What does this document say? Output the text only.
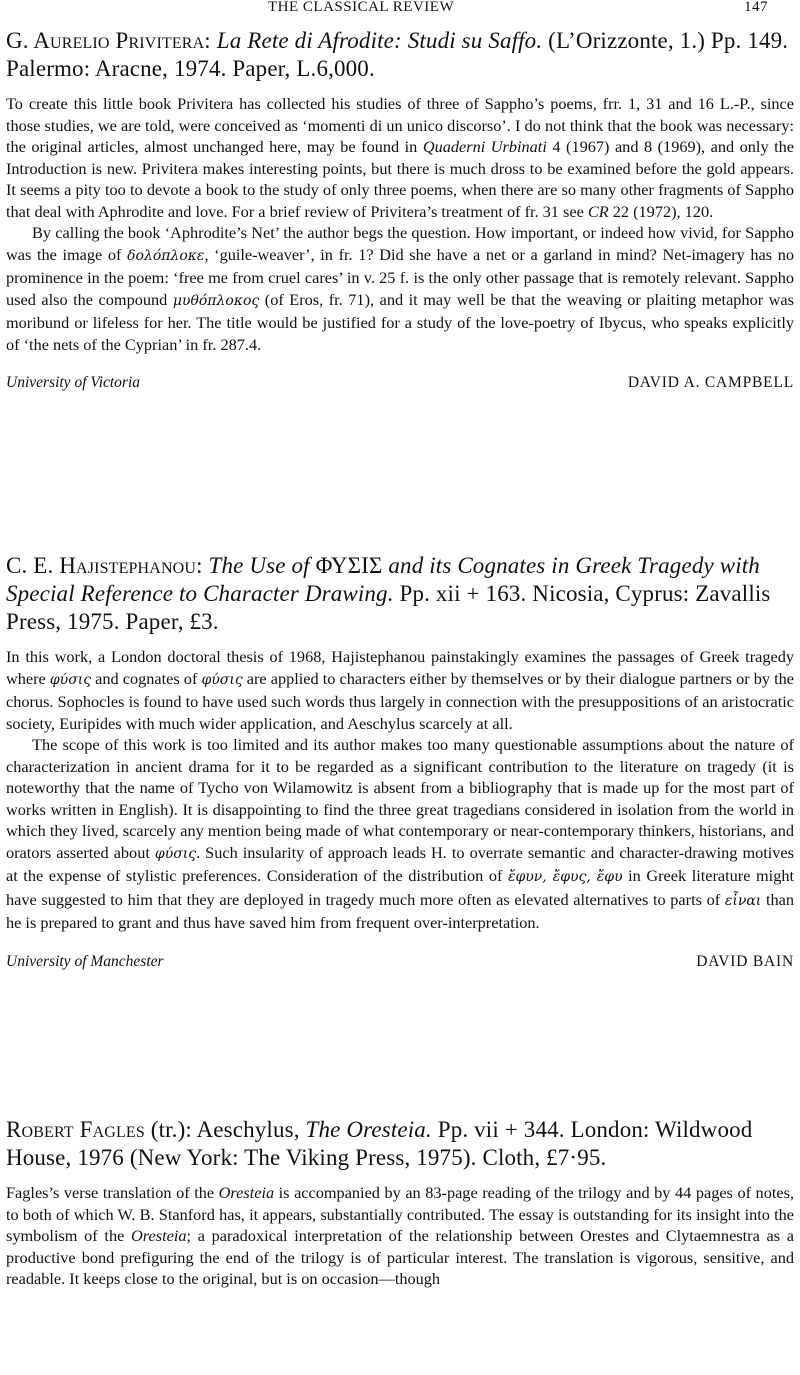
THE CLASSICAL REVIEW	147
G. Aurelio Privitera: La Rete di Afrodite: Studi su Saffo. (L’Orizzonte, 1.) Pp. 149. Palermo: Aracne, 1974. Paper, L.6,000.

To create this little book Privitera has collected his studies of three of Sappho’s poems, frr. 1, 31 and 16 L.-P., since those studies, we are told, were conceived as ‘momenti di un unico discorso’. I do not think that the book was necessary: the original articles, almost unchanged here, may be found in Quaderni Urbinati 4 (1967) and 8 (1969), and only the Introduction is new. Privitera makes interesting points, but there is much dross to be examined before the gold appears. It seems a pity too to devote a book to the study of only three poems, when there are so many other fragments of Sappho that deal with Aphrodite and love. For a brief review of Privitera’s treatment of fr. 31 see CR 22 (1972), 120.

By calling the book ‘Aphrodite’s Net’ the author begs the question. How important, or indeed how vivid, for Sappho was the image of δολόπλοκε, ‘guile-weaver’, in fr. 1? Did she have a net or a garland in mind? Net-imagery has no prominence in the poem: ‘free me from cruel cares’ in v. 25 f. is the only other passage that is remotely relevant. Sappho used also the compound μυθόπλοκος (of Eros, fr. 71), and it may well be that the weaving or plaiting metaphor was moribund or lifeless for her. The title would be justified for a study of the love-poetry of Ibycus, who speaks explicitly of ‘the nets of the Cyprian’ in fr. 287.4.

University of Victoria	DAVID A. CAMPBELL
C. E. Hajistephanou: The Use of ΦΥΣΙΣ and its Cognates in Greek Tragedy with Special Reference to Character Drawing. Pp. xii + 163. Nicosia, Cyprus: Zavallis Press, 1975. Paper, £3.

In this work, a London doctoral thesis of 1968, Hajistephanou painstakingly examines the passages of Greek tragedy where φύσις and cognates of φύσις are applied to characters either by themselves or by their dialogue partners or by the chorus. Sophocles is found to have used such words thus largely in connection with the presuppositions of an aristocratic society, Euripides with much wider application, and Aeschylus scarcely at all.

The scope of this work is too limited and its author makes too many questionable assumptions about the nature of characterization in ancient drama for it to be regarded as a significant contribution to the literature on tragedy (it is noteworthy that the name of Tycho von Wilamowitz is absent from a bibliography that is made up for the most part of works written in English). It is disappointing to find the three great tragedians considered in isolation from the world in which they lived, scarcely any mention being made of what contemporary or near-contemporary thinkers, historians, and orators asserted about φύσις. Such insularity of approach leads H. to overrate semantic and character-drawing motives at the expense of stylistic preferences. Consideration of the distribution of ἔφυν, ἔφυς, ἔφυ in Greek literature might have suggested to him that they are deployed in tragedy much more often as elevated alternatives to parts of εἶναι than he is prepared to grant and thus have saved him from frequent over-interpretation.

University of Manchester	DAVID BAIN
Robert Fagles (tr.): Aeschylus, The Oresteia. Pp. vii + 344. London: Wildwood House, 1976 (New York: The Viking Press, 1975). Cloth, £7·95.

Fagles’s verse translation of the Oresteia is accompanied by an 83-page reading of the trilogy and by 44 pages of notes, to both of which W. B. Stanford has, it appears, substantially contributed. The essay is outstanding for its insight into the symbolism of the Oresteia; a paradoxical interpretation of the relationship between Orestes and Clytaemnestra as a productive bond prefiguring the end of the trilogy is of particular interest. The translation is vigorous, sensitive, and readable. It keeps close to the original, but is on occasion—though
